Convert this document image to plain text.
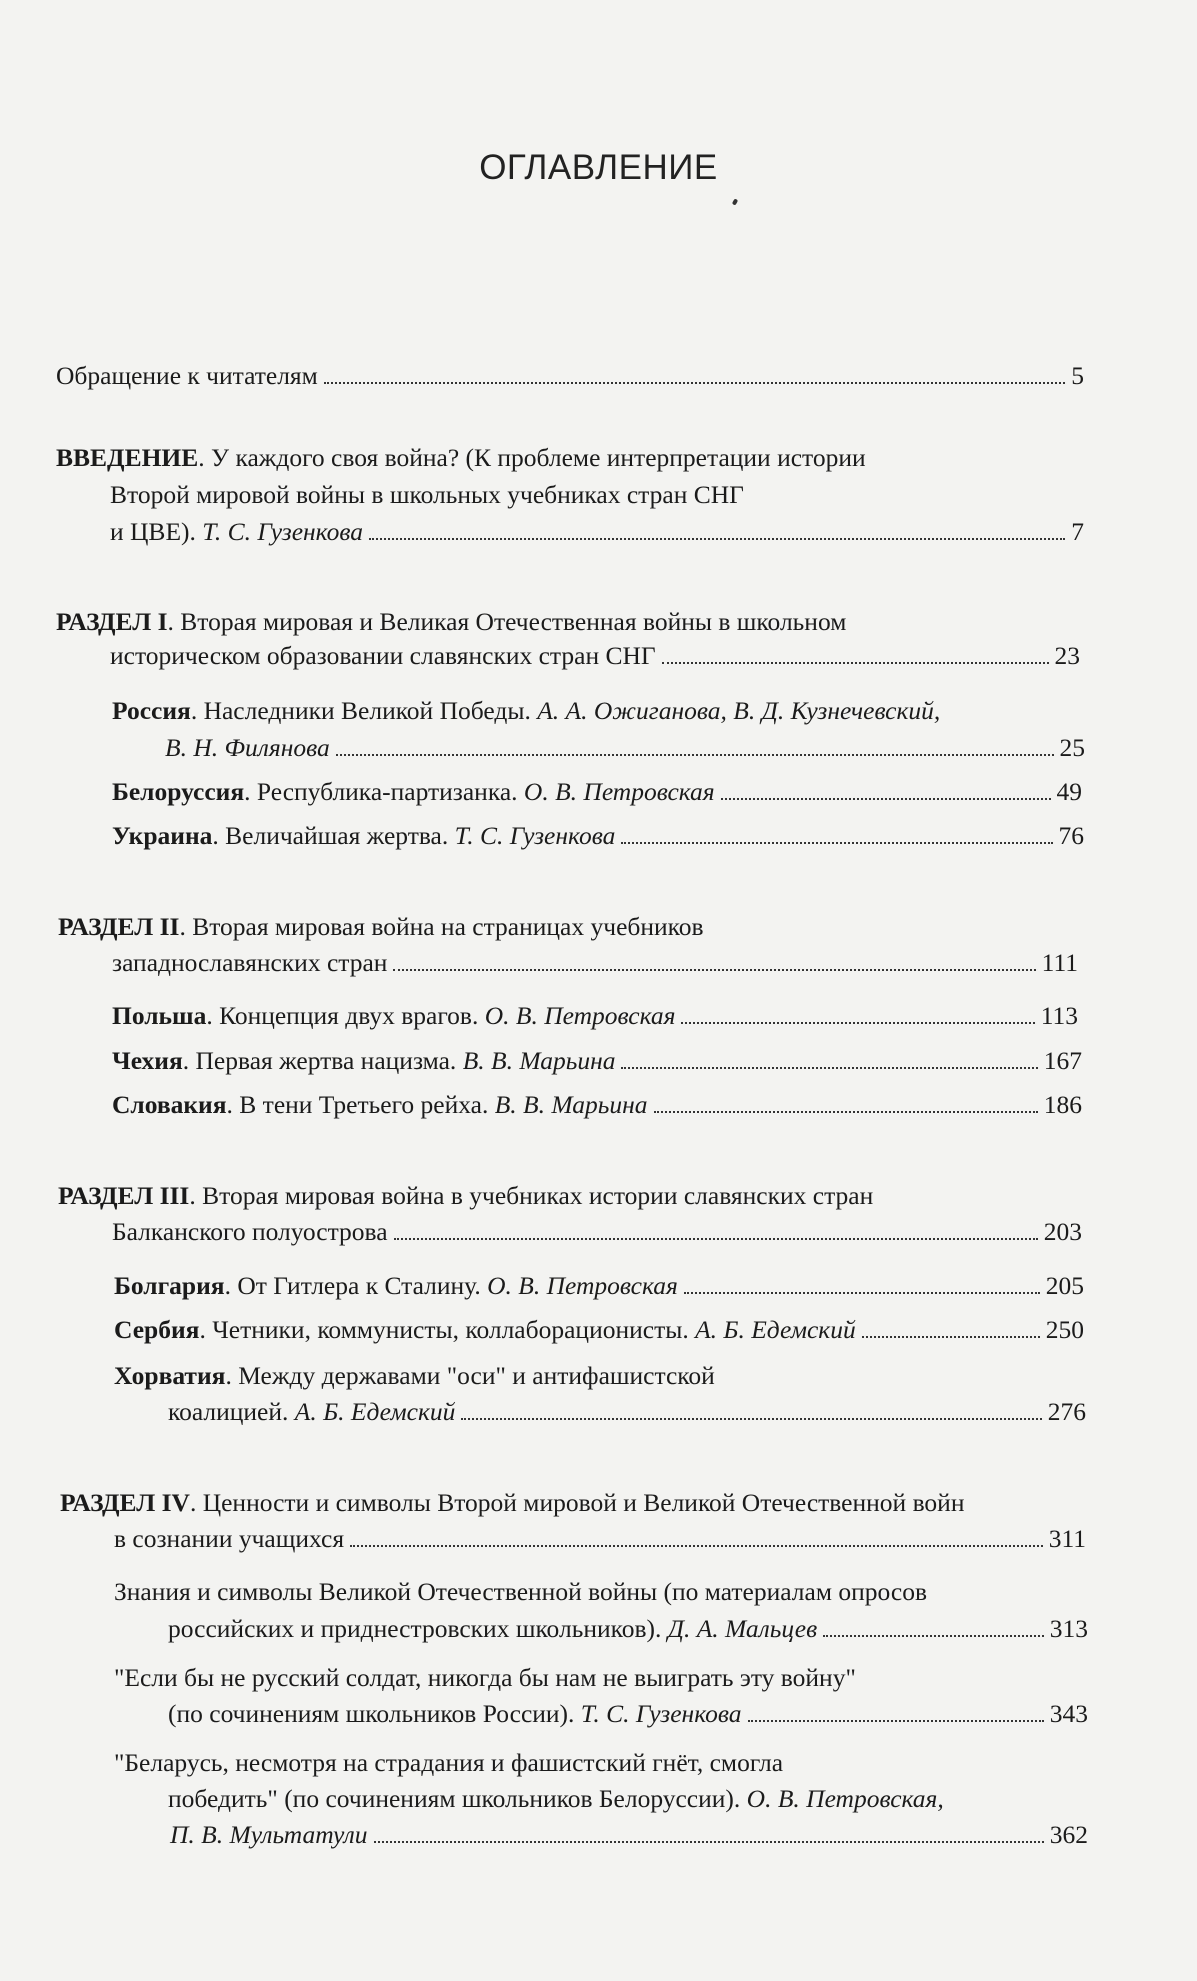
ОГЛАВЛЕНИЕ
Обращение к читателям	5
ВВЕДЕНИЕ. У каждого своя война? (К проблеме интерпретации истории
Второй мировой войны в школьных учебниках стран СНГ
и ЦВЕ). Т. С. Гузенкова	7
РАЗДЕЛ I. Вторая мировая и Великая Отечественная войны в школьном
историческом образовании славянских стран СНГ	23
Россия. Наследники Великой Победы. А. А. Ожиганова, В. Д. Кузнечевский,
В. Н. Филянова	25
Белоруссия. Республика-партизанка. О. В. Петровская	49
Украина. Величайшая жертва. Т. С. Гузенкова	76
РАЗДЕЛ II. Вторая мировая война на страницах учебников
западнославянских стран	111
Польша. Концепция двух врагов. О. В. Петровская	113
Чехия. Первая жертва нацизма. В. В. Марьина	167
Словакия. В тени Третьего рейха. В. В. Марьина	186
РАЗДЕЛ III. Вторая мировая война в учебниках истории славянских стран
Балканского полуострова	203
Болгария. От Гитлера к Сталину. О. В. Петровская	205
Сербия. Четники, коммунисты, коллаборационисты. А. Б. Едемский	250
Хорватия. Между державами "оси" и антифашистской
коалицией. А. Б. Едемский	276
РАЗДЕЛ IV. Ценности и символы Второй мировой и Великой Отечественной войн
в сознании учащихся	311
Знания и символы Великой Отечественной войны (по материалам опросов
российских и приднестровских школьников). Д. А. Мальцев	313
"Если бы не русский солдат, никогда бы нам не выиграть эту войну"
(по сочинениям школьников России). Т. С. Гузенкова	343
"Беларусь, несмотря на страдания и фашистский гнёт, смогла
победить" (по сочинениям школьников Белоруссии). О. В. Петровская,
П. В. Мультатули	362
